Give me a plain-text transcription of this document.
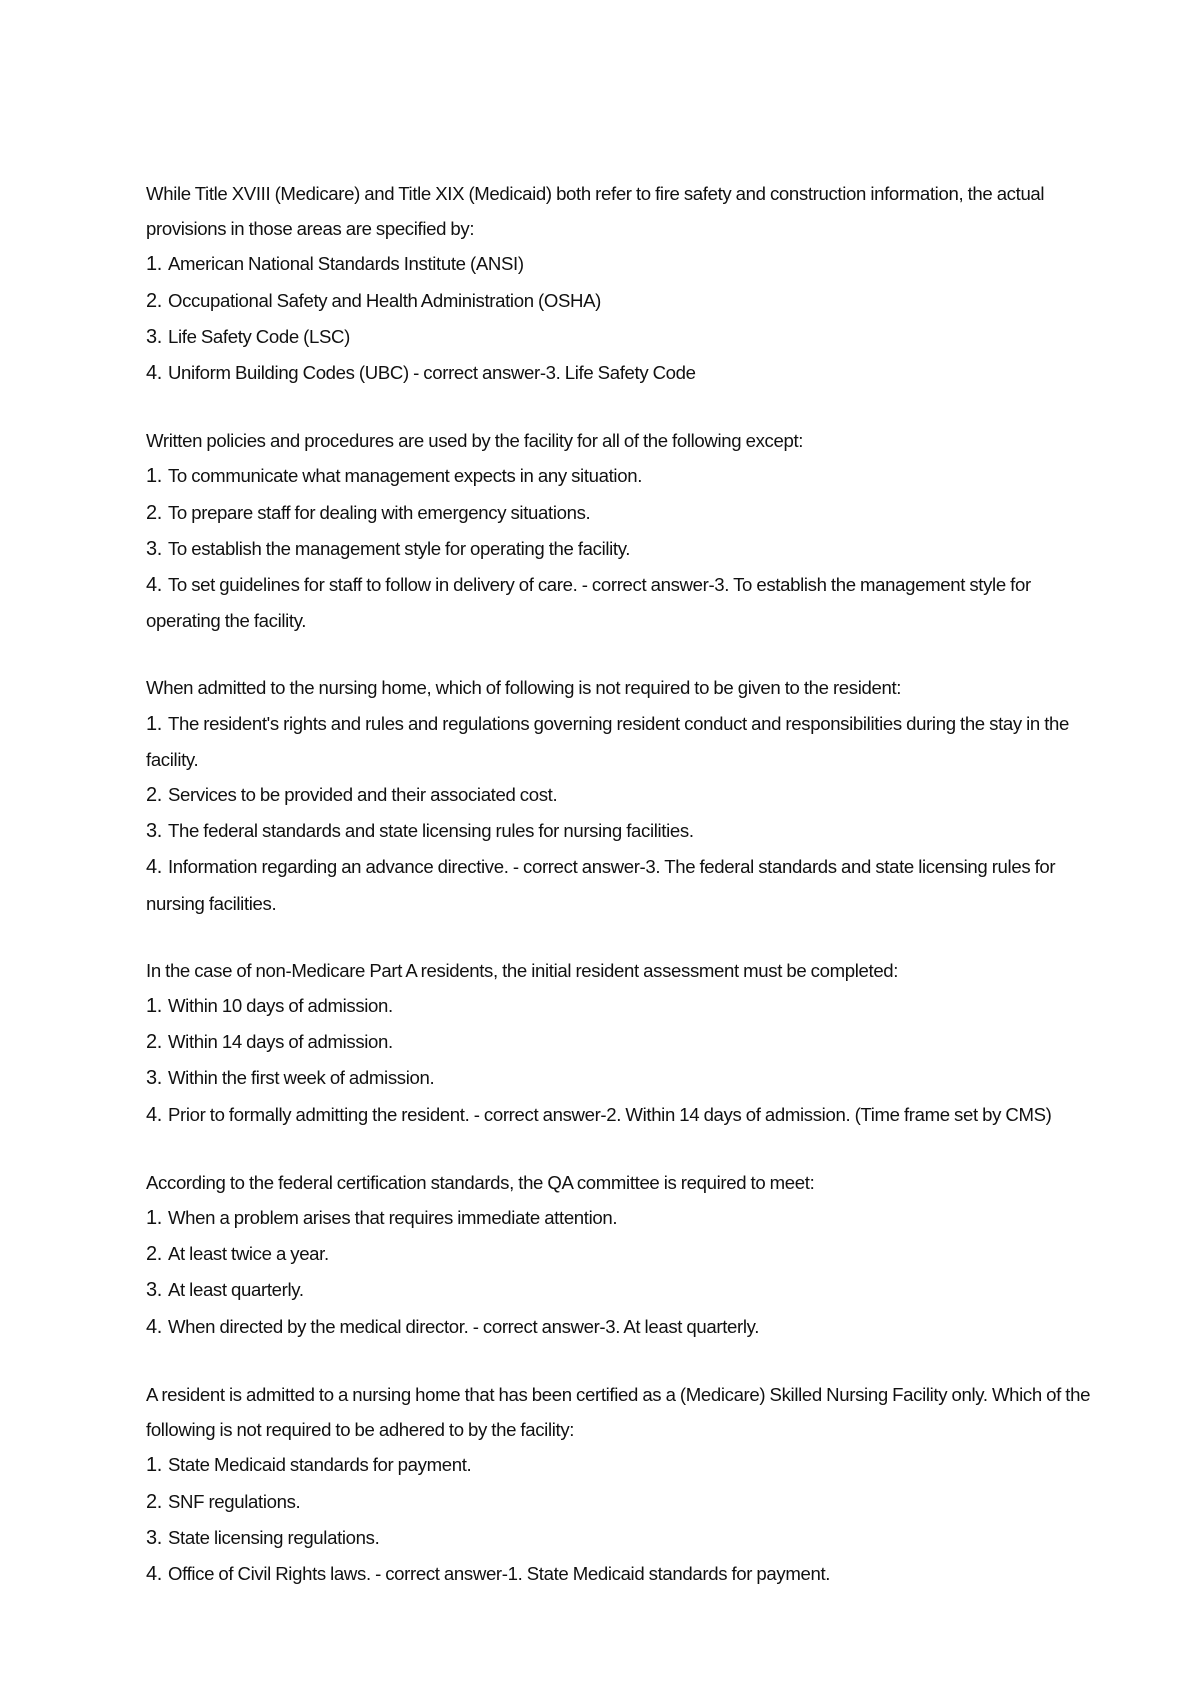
While Title XVIII (Medicare) and Title XIX (Medicaid) both refer to fire safety and construction information, the actual provisions in those areas are specified by:

1. American National Standards Institute (ANSI)

2. Occupational Safety and Health Administration (OSHA)

3. Life Safety Code (LSC)

4. Uniform Building Codes (UBC) - correct answer-3. Life Safety Code

Written policies and procedures are used by the facility for all of the following except:

1. To communicate what management expects in any situation.

2. To prepare staff for dealing with emergency situations.

3. To establish the management style for operating the facility.

4. To set guidelines for staff to follow in delivery of care. - correct answer-3. To establish the management style for operating the facility.

When admitted to the nursing home, which of following is not required to be given to the resident:

1. The resident's rights and rules and regulations governing resident conduct and responsibilities during the stay in the facility.

2. Services to be provided and their associated cost.

3. The federal standards and state licensing rules for nursing facilities.

4. Information regarding an advance directive. - correct answer-3. The federal standards and state licensing rules for nursing facilities.

In the case of non-Medicare Part A residents, the initial resident assessment must be completed:

1. Within 10 days of admission.

2. Within 14 days of admission.

3. Within the first week of admission.

4. Prior to formally admitting the resident. - correct answer-2. Within 14 days of admission. (Time frame set by CMS)

According to the federal certification standards, the QA committee is required to meet:

1. When a problem arises that requires immediate attention.

2. At least twice a year.

3. At least quarterly.

4. When directed by the medical director. - correct answer-3. At least quarterly.

A resident is admitted to a nursing home that has been certified as a (Medicare) Skilled Nursing Facility only. Which of the following is not required to be adhered to by the facility:

1. State Medicaid standards for payment.

2. SNF regulations.

3. State licensing regulations.

4. Office of Civil Rights laws. - correct answer-1. State Medicaid standards for payment.
